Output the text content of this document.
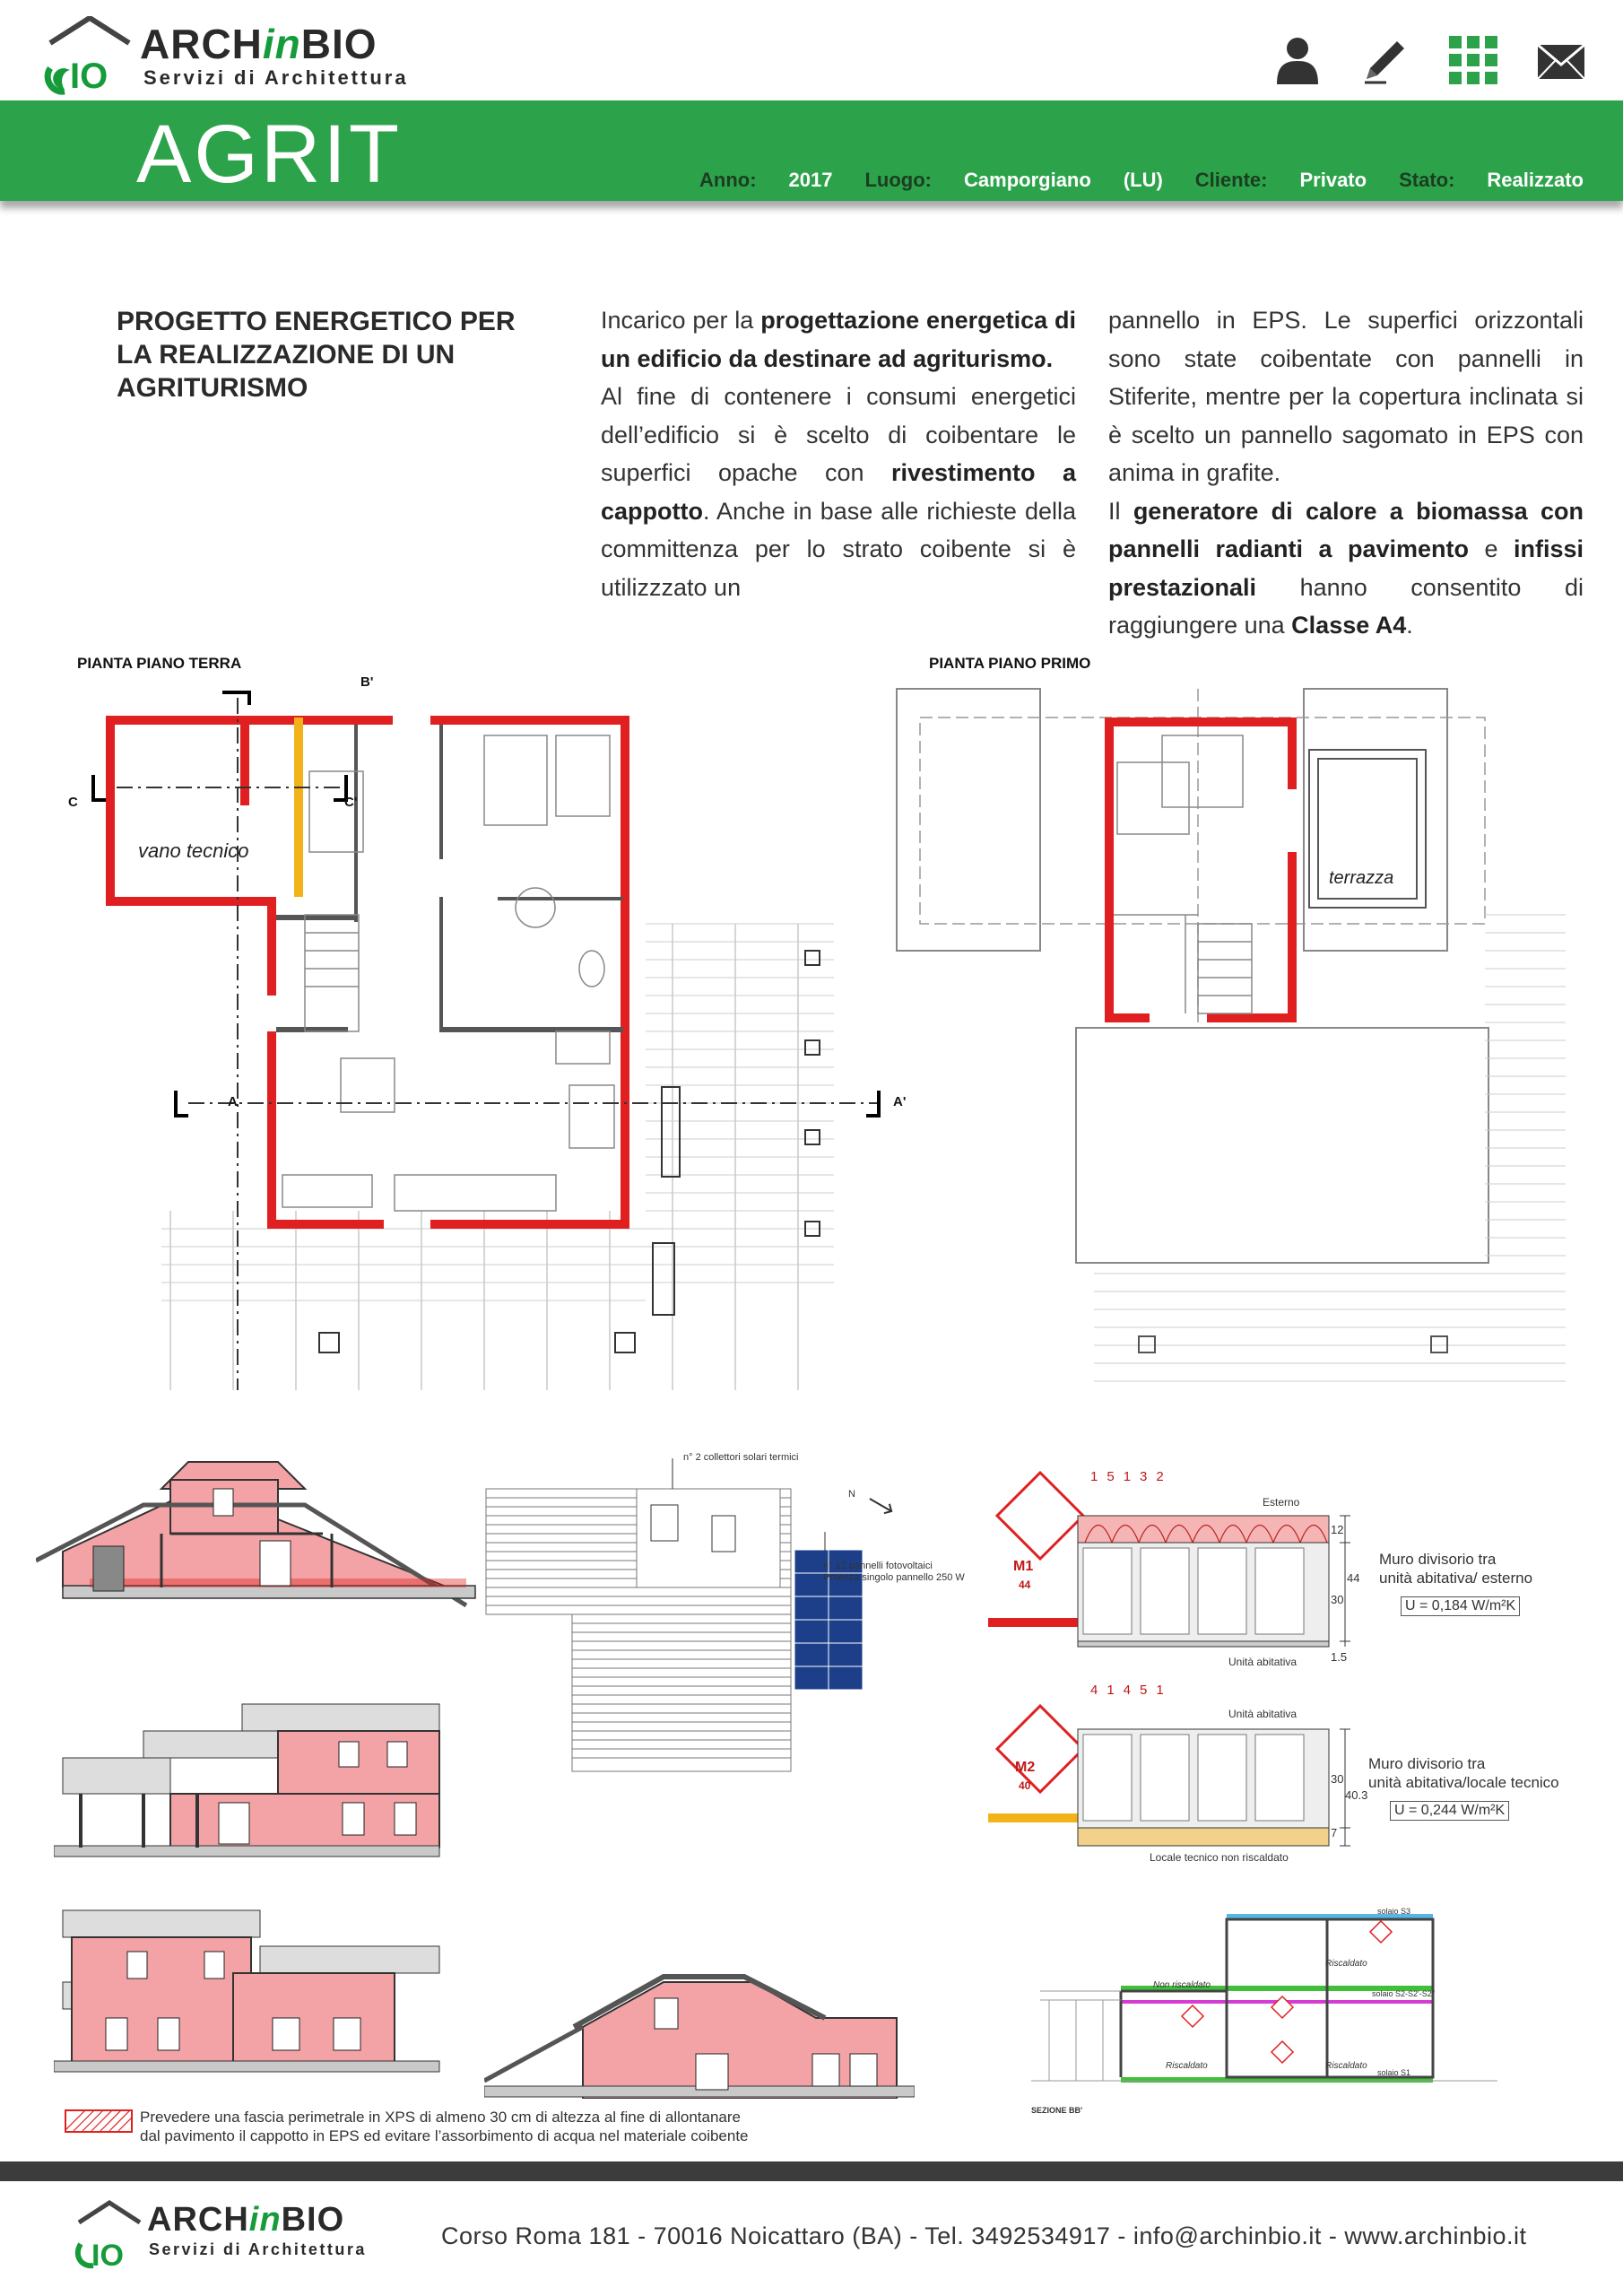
IO
ARCHinBIO
Servizi di Architettura
AGRIT	Anno: 2017 Luogo: Camporgiano (LU) Cliente: Privato Stato: Realizzato
PROGETTO ENERGETICO PER LA REALIZZAZIONE DI UN AGRITURISMO
Incarico per la progettazione energetica di un edificio da destinare ad agriturismo.
Al fine di contenere i consumi energetici dell’edificio si è scelto di coibentare le superfici opache con rivestimento a cappotto. Anche in base alle richieste della committenza per lo strato coibente si è utilizzzato un
pannello in EPS. Le superfici orizzontali sono state coibentate con pannelli in Stiferite, mentre per la copertura inclinata si è scelto un pannello sagomato in EPS con anima in grafite.
Il generatore di calore a biomassa con pannelli radianti a pavimento e infissi prestazionali hanno consentito di raggiungere una Classe A4.
PIANTA PIANO TERRA
A	A'
B'
C	C'
vano tecnico
PIANTA PIANO PRIMO
terrazza
n° 2 collettori solari termici
n° 12 pannelli fotovoltaici
Potenza singolo pannello 250 W
N
M1
44
15132
Esterno
Unità abitativa
12
30
1.5
44
Muro divisorio tra
unità abitativa/ esterno
U = 0,184 W/m²K
M2
40
41451
Unità abitativa
Locale tecnico non riscaldato
30
7
40.3
Muro divisorio tra
unità abitativa/locale tecnico
U = 0,244 W/m²K
solaio S3
solaio S2-S2'-S2''
solaio S1
Non riscaldato
Riscaldato
Riscaldato	Riscaldato
SEZIONE BB'
Prevedere una fascia perimetrale in XPS di almeno 30 cm di altezza al fine di allontanare
dal pavimento il cappotto in EPS ed evitare l’assorbimento di acqua nel materiale coibente
IO
ARCHinBIO
Servizi di Architettura	Corso Roma 181 - 70016 Noicattaro (BA) - Tel. 3492534917 - info@archinbio.it - www.archinbio.it
